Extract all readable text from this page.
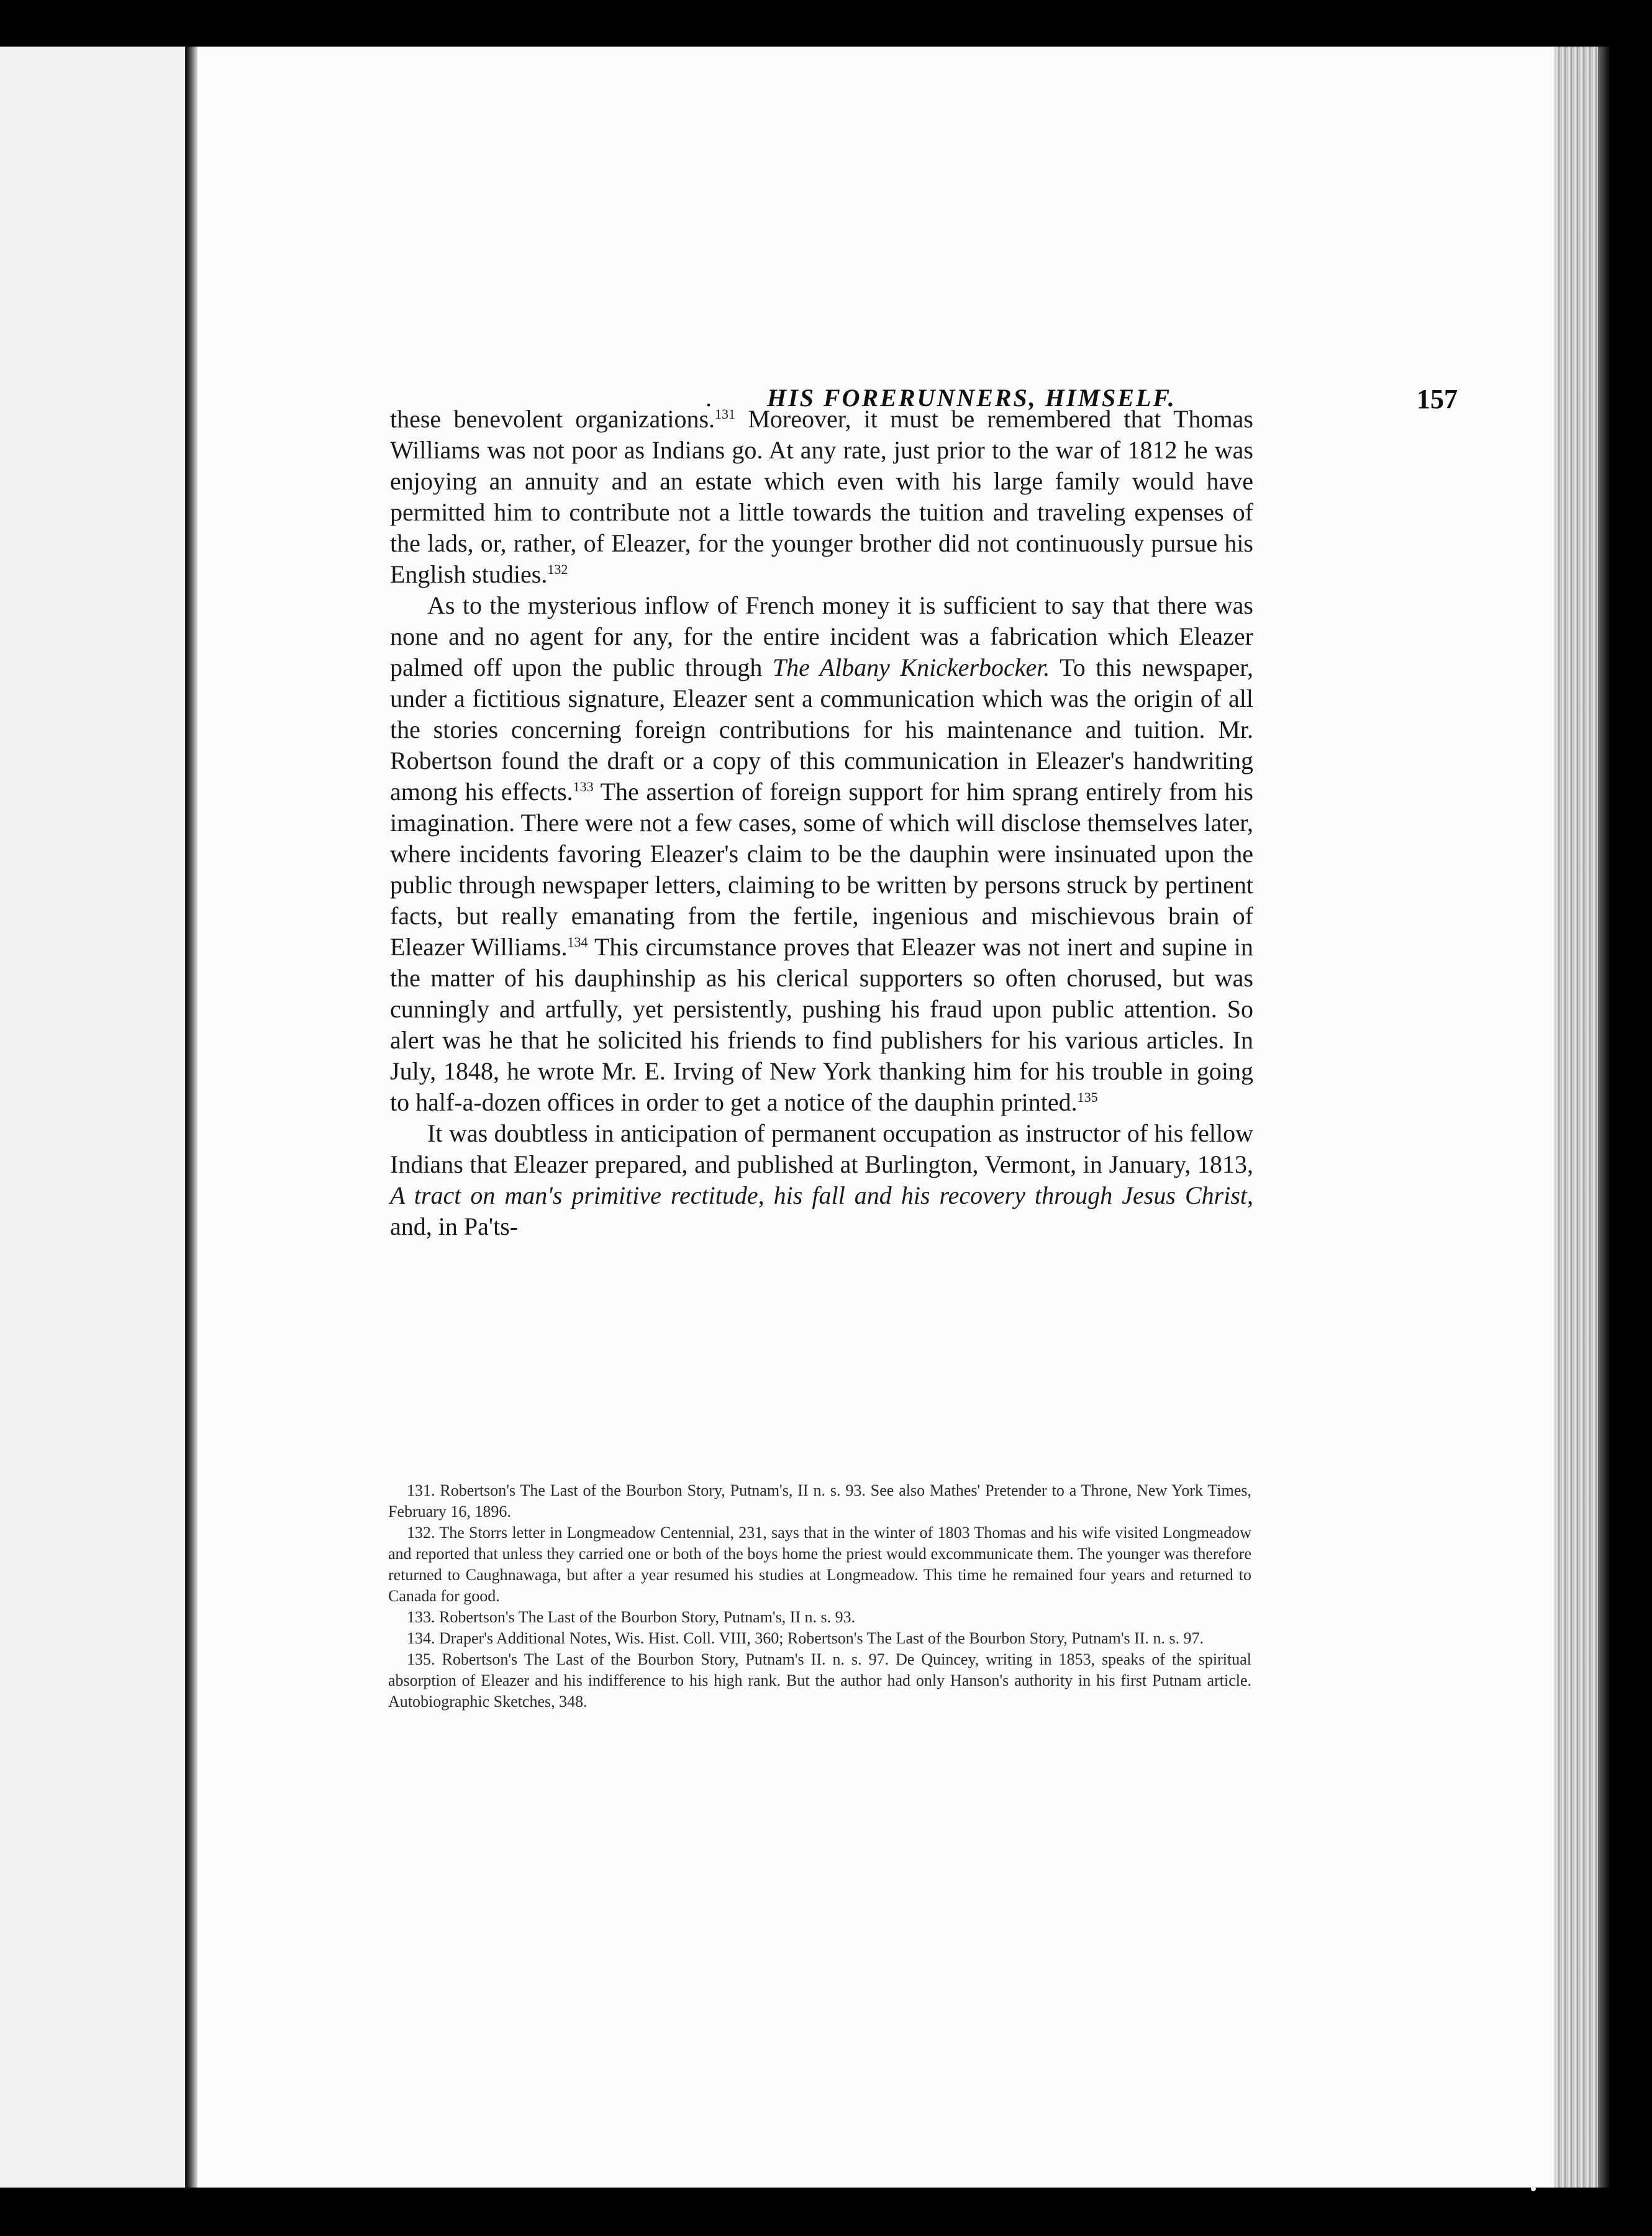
. HIS FORERUNNERS, HIMSELF.	157

these benevolent organizations.$^{131}$ Moreover, it must be remembered that Thomas Williams was not poor as Indians go. At any rate, just prior to the war of 1812 he was enjoying an annuity and an estate which even with his large family would have permitted him to contribute not a little towards the tuition and traveling expenses of the lads, or, rather, of Eleazer, for the younger brother did not continuously pursue his English studies.$^{132}$

As to the mysterious inflow of French money it is sufficient to say that there was none and no agent for any, for the entire incident was a fabrication which Eleazer palmed off upon the public through The Albany Knickerbocker. To this newspaper, under a fictitious signature, Eleazer sent a communication which was the origin of all the stories concerning foreign contributions for his maintenance and tuition. Mr. Robertson found the draft or a copy of this communication in Eleazer's handwriting among his effects.$^{133}$ The assertion of foreign support for him sprang entirely from his imagination. There were not a few cases, some of which will disclose themselves later, where incidents favoring Eleazer's claim to be the dauphin were insinuated upon the public through newspaper letters, claiming to be written by persons struck by pertinent facts, but really emanating from the fertile, ingenious and mischievous brain of Eleazer Williams.$^{134}$ This circumstance proves that Eleazer was not inert and supine in the matter of his dauphinship as his clerical supporters so often chorused, but was cunningly and artfully, yet persistently, pushing his fraud upon public attention. So alert was he that he solicited his friends to find publishers for his various articles. In July, 1848, he wrote Mr. E. Irving of New York thanking him for his trouble in going to half-a-dozen offices in order to get a notice of the dauphin printed.$^{135}$

It was doubtless in anticipation of permanent occupation as instructor of his fellow Indians that Eleazer prepared, and published at Burlington, Vermont, in January, 1813, A tract on man's primitive rectitude, his fall and his recovery through Jesus Christ, and, in Pa'ts-

131. Robertson's The Last of the Bourbon Story, Putnam's, II n. s. 93. See also Mathes' Pretender to a Throne, New York Times, February 16, 1896.

132. The Storrs letter in Longmeadow Centennial, 231, says that in the winter of 1803 Thomas and his wife visited Longmeadow and reported that unless they carried one or both of the boys home the priest would excommunicate them. The younger was therefore returned to Caughnawaga, but after a year resumed his studies at Longmeadow. This time he remained four years and returned to Canada for good.

133. Robertson's The Last of the Bourbon Story, Putnam's, II n. s. 93.

134. Draper's Additional Notes, Wis. Hist. Coll. VIII, 360; Robertson's The Last of the Bourbon Story, Putnam's II. n. s. 97.

135. Robertson's The Last of the Bourbon Story, Putnam's II. n. s. 97. De Quincey, writing in 1853, speaks of the spiritual absorption of Eleazer and his indifference to his high rank. But the author had only Hanson's authority in his first Putnam article. Autobiographic Sketches, 348.
